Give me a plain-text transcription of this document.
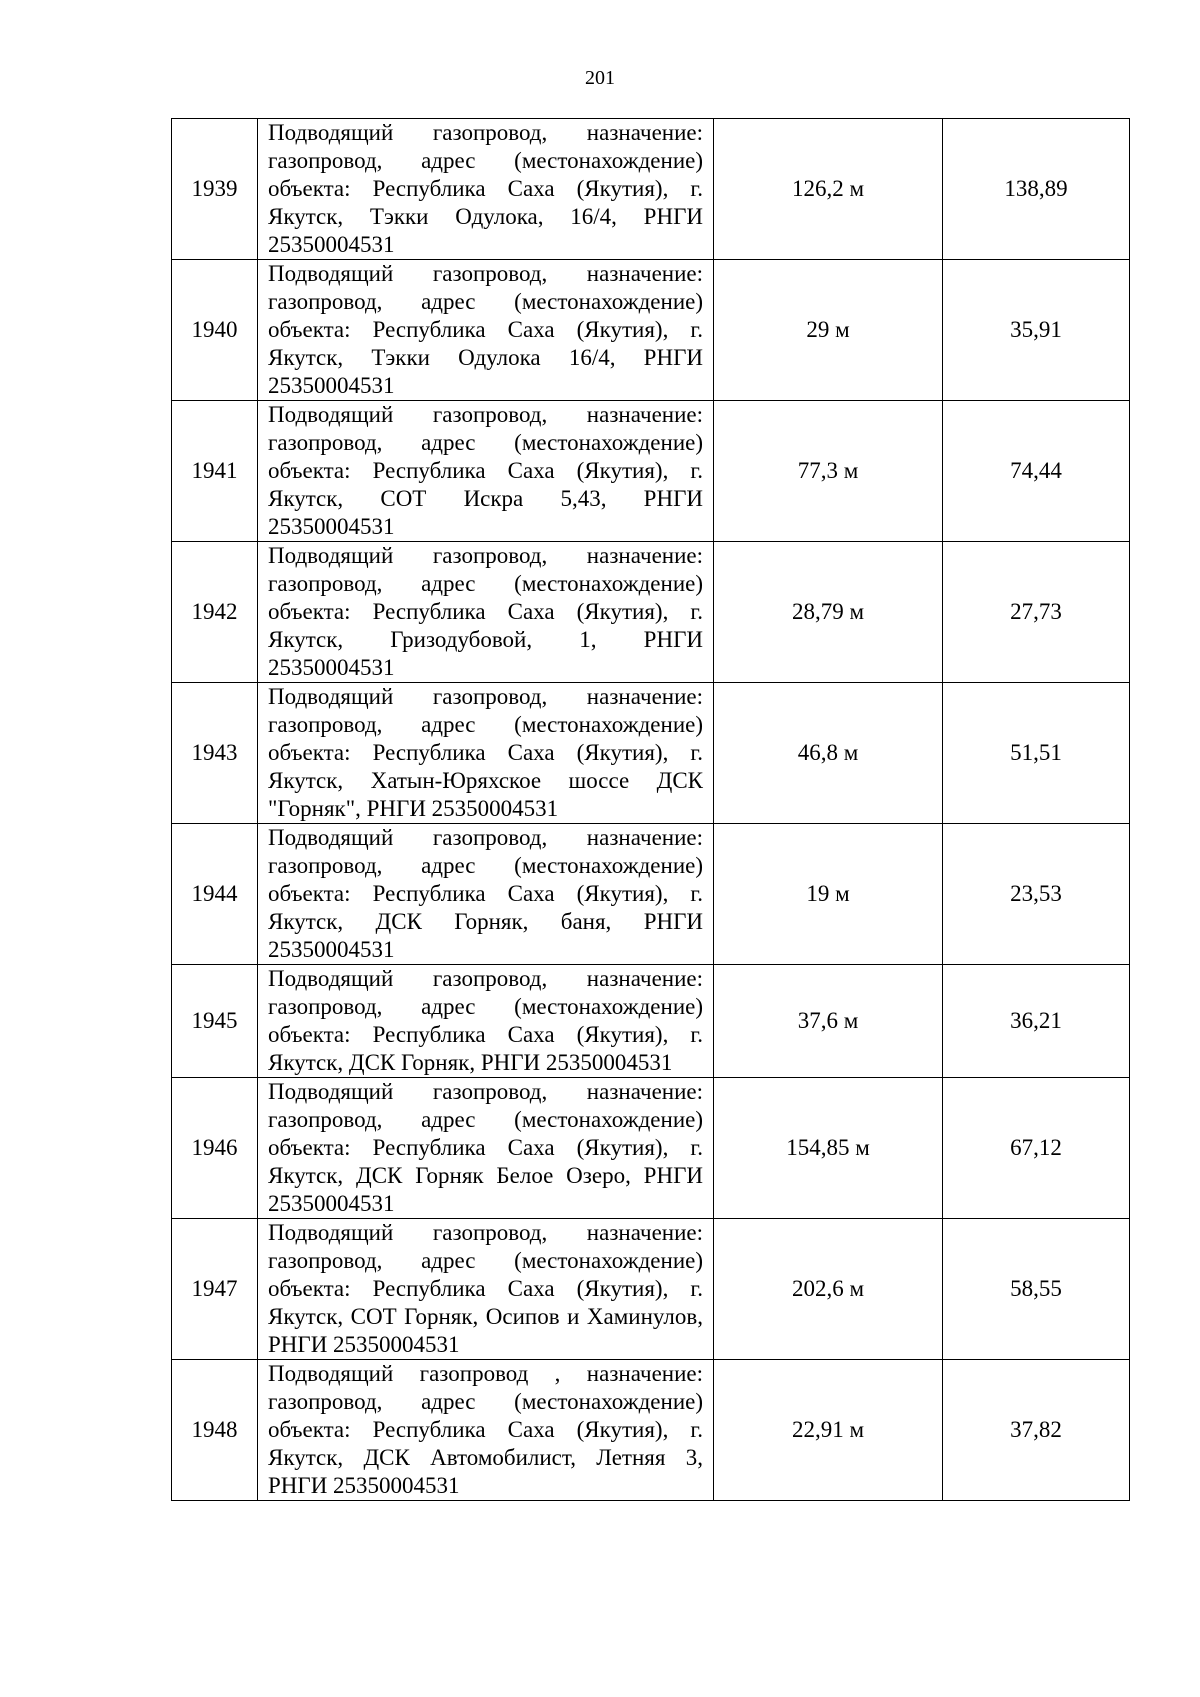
201
1939	Подводящий газопровод, назначение: газопровод, адрес (местонахождение) объекта: Республика Саха (Якутия), г. Якутск, Тэкки Одулока, 16/4, РНГИ 25350004531	126,2 м	138,89
1940	Подводящий газопровод, назначение: газопровод, адрес (местонахождение) объекта: Республика Саха (Якутия), г. Якутск, Тэкки Одулока 16/4, РНГИ 25350004531	29 м	35,91
1941	Подводящий газопровод, назначение: газопровод, адрес (местонахождение) объекта: Республика Саха (Якутия), г. Якутск, СОТ Искра 5,43, РНГИ 25350004531	77,3 м	74,44
1942	Подводящий газопровод, назначение: газопровод, адрес (местонахождение) объекта: Республика Саха (Якутия), г. Якутск, Гризодубовой, 1, РНГИ 25350004531	28,79 м	27,73
1943	Подводящий газопровод, назначение: газопровод, адрес (местонахождение) объекта: Республика Саха (Якутия), г. Якутск, Хатын-Юряхское шоссе ДСК "Горняк", РНГИ 25350004531	46,8 м	51,51
1944	Подводящий газопровод, назначение: газопровод, адрес (местонахождение) объекта: Республика Саха (Якутия), г. Якутск, ДСК Горняк, баня, РНГИ 25350004531	19 м	23,53
1945	Подводящий газопровод, назначение: газопровод, адрес (местонахождение) объекта: Республика Саха (Якутия), г. Якутск, ДСК Горняк, РНГИ 25350004531	37,6 м	36,21
1946	Подводящий газопровод, назначение: газопровод, адрес (местонахождение) объекта: Республика Саха (Якутия), г. Якутск, ДСК Горняк Белое Озеро, РНГИ 25350004531	154,85 м	67,12
1947	Подводящий газопровод, назначение: газопровод, адрес (местонахождение) объекта: Республика Саха (Якутия), г. Якутск, СОТ Горняк, Осипов и Хаминулов, РНГИ 25350004531	202,6 м	58,55
1948	Подводящий газопровод , назначение: газопровод, адрес (местонахождение) объекта: Республика Саха (Якутия), г. Якутск, ДСК Автомобилист, Летняя 3, РНГИ 25350004531	22,91 м	37,82
